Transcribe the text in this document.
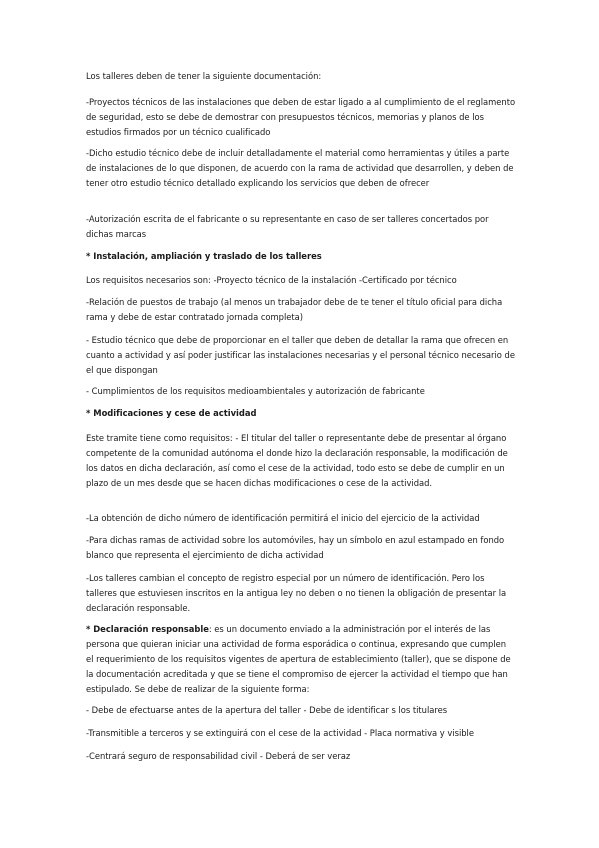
Los talleres deben de tener la siguiente documentación:

-Proyectos técnicos de las instalaciones que deben de estar ligado a al cumplimiento de el reglamento de seguridad, esto se debe de demostrar con presupuestos técnicos, memorias y planos de los estudios firmados por un técnico cualificado

-Dicho estudio técnico debe de incluir detalladamente el material como herramientas y útiles a parte de instalaciones de lo que disponen, de acuerdo con la rama de actividad que desarrollen, y deben de tener otro estudio técnico detallado explicando los servicios que deben de ofrecer

-Autorización escrita de el fabricante o su representante en caso de ser talleres concertados por dichas marcas

* Instalación, ampliación y traslado de los talleres

Los requisitos necesarios son: -Proyecto técnico de la instalación -Certificado por técnico

-Relación de puestos de trabajo (al menos un trabajador debe de te tener el título oficial para dicha rama y debe de estar contratado jornada completa)

- Estudio técnico que debe de proporcionar en el taller que deben de detallar la rama que ofrecen en cuanto a actividad y así poder justificar las instalaciones necesarias y el personal técnico necesario de el que dispongan

- Cumplimientos de los requisitos medioambientales y autorización de fabricante

* Modificaciones y cese de actividad

Este tramite tiene como requisitos: - El titular del taller o representante debe de presentar al órgano competente de la comunidad autónoma el donde hizo la declaración responsable, la modificación de los datos en dicha declaración, así como el cese de la actividad, todo esto se debe de cumplir en un plazo de un mes desde que se hacen dichas modificaciones o cese de la actividad.

-La obtención de dicho número de identificación permitirá el inicio del ejercicio de la actividad

-Para dichas ramas de actividad sobre los automóviles, hay un símbolo en azul estampado en fondo blanco que representa el ejercimiento de dicha actividad

-Los talleres cambian el concepto de registro especial por un número de identificación. Pero los talleres que estuviesen inscritos en la antigua ley no deben o no tienen la obligación de presentar la declaración responsable.

* Declaración responsable: es un documento enviado a la administración por el interés de las persona que quieran iniciar una actividad de forma esporádica o continua, expresando que cumplen el requerimiento de los requisitos vigentes de apertura de establecimiento (taller), que se dispone de la documentación acreditada y que se tiene el compromiso de ejercer la actividad el tiempo que han estipulado. Se debe de realizar de la siguiente forma:

- Debe de efectuarse antes de la apertura del taller - Debe de identificar s los titulares

-Transmitible a terceros y se extinguirá con el cese de la actividad - Placa normativa y visible

-Centrará seguro de responsabilidad civil - Deberá de ser veraz
